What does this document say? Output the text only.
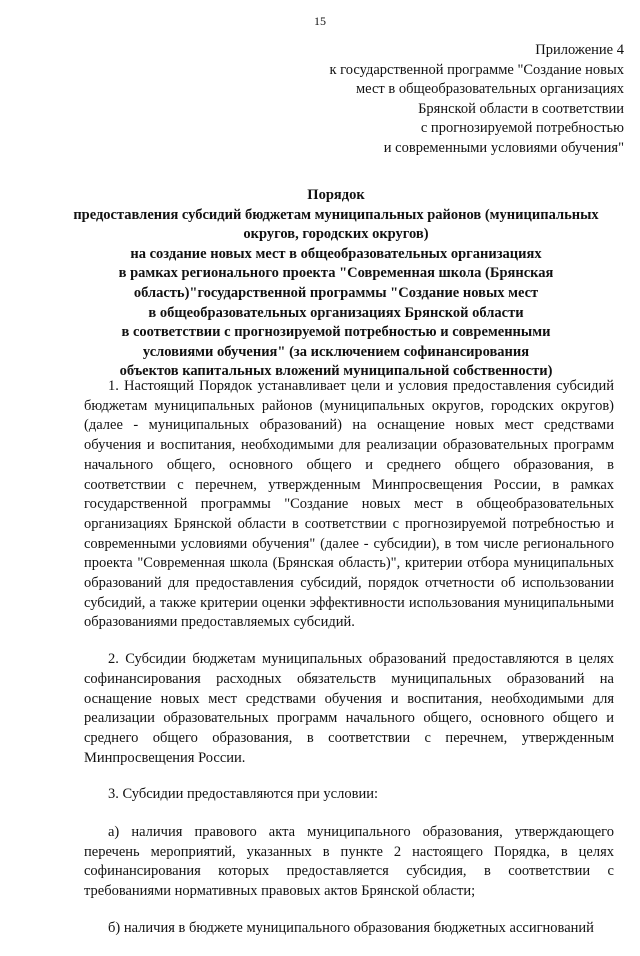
15
Приложение 4
к государственной программе "Создание новых
мест в общеобразовательных организациях
Брянской области в соответствии
с прогнозируемой потребностью
и современными условиями обучения"
Порядок
предоставления субсидий бюджетам муниципальных районов (муниципальных
округов, городских округов)
на создание новых мест в общеобразовательных организациях
в рамках регионального проекта "Современная школа (Брянская
область)"государственной программы "Создание новых мест
в общеобразовательных организациях Брянской области
в соответствии с прогнозируемой потребностью и современными
условиями обучения" (за исключением софинансирования
объектов капитальных вложений муниципальной собственности)

1. Настоящий Порядок устанавливает цели и условия предоставления субсидий бюджетам муниципальных районов (муниципальных округов, городских округов) (далее - муниципальных образований) на оснащение новых мест средствами обучения и воспитания, необходимыми для реализации образовательных программ начального общего, основного общего и среднего общего образования, в соответствии с перечнем, утвержденным Минпросвещения России, в рамках государственной программы "Создание новых мест в общеобразовательных организациях Брянской области в соответствии с прогнозируемой потребностью и современными условиями обучения" (далее - субсидии), в том числе регионального проекта "Современная школа (Брянская область)", критерии отбора муниципальных образований для предоставления субсидий, порядок отчетности об использовании субсидий, а также критерии оценки эффективности использования муниципальными образованиями предоставляемых субсидий.

2. Субсидии бюджетам муниципальных образований предоставляются в целях софинансирования расходных обязательств муниципальных образований на оснащение новых мест средствами обучения и воспитания, необходимыми для реализации образовательных программ начального общего, основного общего и среднего общего образования, в соответствии с перечнем, утвержденным Минпросвещения России.

3. Субсидии предоставляются при условии:

а) наличия правового акта муниципального образования, утверждающего перечень мероприятий, указанных в пункте 2 настоящего Порядка, в целях софинансирования которых предоставляется субсидия, в соответствии с требованиями нормативных правовых актов Брянской области;

б) наличия в бюджете муниципального образования бюджетных ассигнований
